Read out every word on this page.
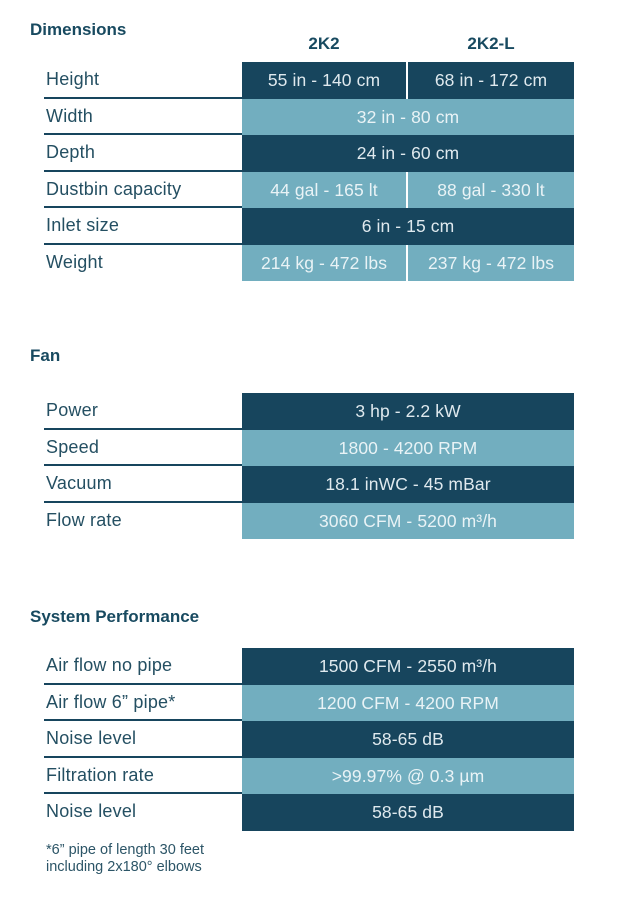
Dimensions
2K2	2K2-L
Height	55 in - 140 cm	68 in - 172 cm
Width	32 in - 80 cm
Depth	24 in - 60 cm
Dustbin capacity	44 gal - 165 lt	88 gal - 330 lt
Inlet size	6 in - 15 cm
Weight	214 kg - 472 lbs	237 kg - 472 lbs
Fan
Power	3 hp - 2.2 kW
Speed	1800 - 4200 RPM
Vacuum	18.1 inWC - 45 mBar
Flow rate	3060 CFM - 5200 m³/h
System Performance
Air flow no pipe	1500 CFM - 2550 m³/h
Air flow 6” pipe*	1200 CFM - 4200 RPM
Noise level	58-65 dB
Filtration rate	>99.97% @ 0.3 µm
Noise level	58-65 dB
*6” pipe of length 30 feet
including 2x180° elbows
